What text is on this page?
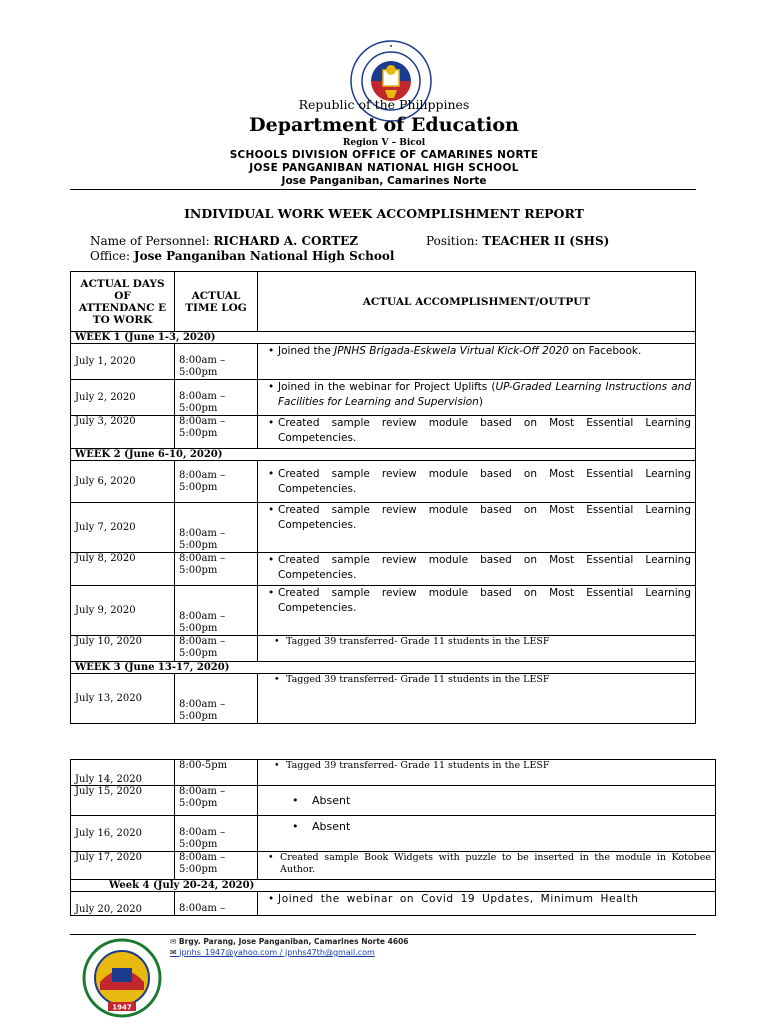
Republic of the Philippines
Department of Education
Region V – Bicol
SCHOOLS DIVISION OFFICE OF CAMARINES NORTE
JOSE PANGANIBAN NATIONAL HIGH SCHOOL
Jose Panganiban, Camarines Norte
INDIVIDUAL WORK WEEK ACCOMPLISHMENT REPORT
Name of Personnel: RICHARD A. CORTEZ	Position: TEACHER II (SHS)
Office: Jose Panganiban National High School
ACTUAL DAYS OF ATTENDANC E TO WORK	ACTUAL TIME LOG	ACTUAL ACCOMPLISHMENT/OUTPUT
WEEK 1 (June 1-3, 2020)		
July 1, 2020	8:00am –
5:00pm	• Joined the JPNHS Brigada-Eskwela Virtual Kick-Off 2020 on Facebook.

July 2, 2020	8:00am –
5:00pm	• Joined in the webinar for Project Uplifts (UP-Graded Learning Instructions and Facilities for Learning and Supervision)

July 3, 2020	8:00am –
5:00pm	• Created sample review module based on Most Essential Learning Competencies.

WEEK 2 (June 6-10, 2020)		
July 6, 2020	8:00am –
5:00pm	• Created sample review module based on Most Essential Learning Competencies.

July 7, 2020	8:00am –
5:00pm	• Created sample review module based on Most Essential Learning Competencies.

July 8, 2020	8:00am –
5:00pm	• Created sample review module based on Most Essential Learning Competencies.

July 9, 2020	8:00am –
5:00pm	• Created sample review module based on Most Essential Learning Competencies.

July 10, 2020	8:00am –
5:00pm	• Tagged 39 transferred- Grade 11 students in the LESF

WEEK 3 (June 13-17, 2020)		
July 13, 2020	8:00am –
5:00pm	• Tagged 39 transferred- Grade 11 students in the LESF
July 14, 2020	8:00-5pm	• Tagged 39 transferred- Grade 11 students in the LESF

July 15, 2020	8:00am –
5:00pm	• Absent

July 16, 2020	8:00am –
5:00pm	• Absent

July 17, 2020	8:00am –
5:00pm	• Created sample Book Widgets with puzzle to be inserted in the module in Kotobee Author.

Week 4 (July 20-24, 2020)		
July 20, 2020	8:00am –	• Joined the webinar on Covid 19 Updates, Minimum Health
1947
✉ Brgy. Parang, Jose Panganiban, Camarines Norte 4606
✉ jpnhs_1947@yahoo.com / jpnhs47th@gmail.com
